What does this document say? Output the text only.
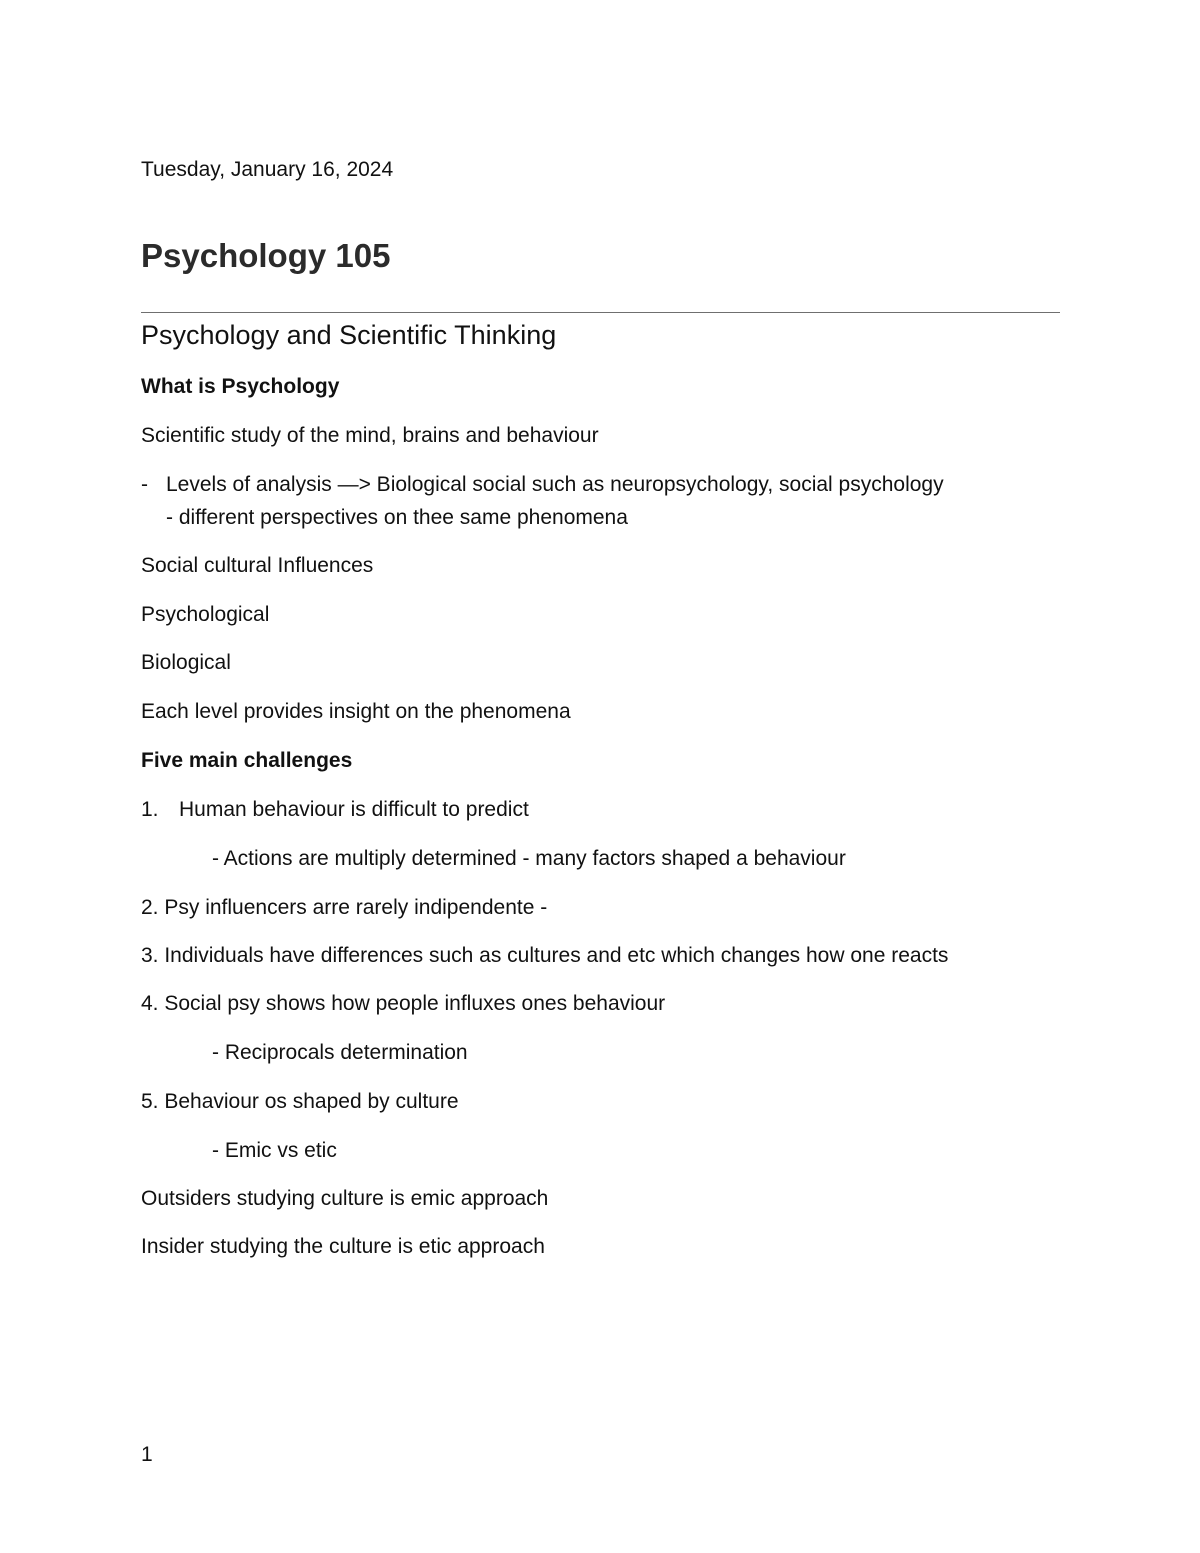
Tuesday, January 16, 2024
Psychology 105
Psychology and Scientific Thinking
What is Psychology
Scientific study of the mind, brains and behaviour
- Levels of analysis —> Biological social such as neuropsychology, social psychology
- different perspectives on thee same phenomena
Social cultural Influences
Psychological
Biological
Each level provides insight on the phenomena
Five main challenges
1. Human behaviour is difficult to predict
- Actions are multiply determined - many factors shaped a behaviour
2. Psy influencers arre rarely indipendente -
3. Individuals have differences such as cultures and etc which changes how one reacts
4. Social psy shows how people influxes ones behaviour
- Reciprocals determination
5. Behaviour os shaped by culture
- Emic vs etic
Outsiders studying culture is emic approach
Insider studying the culture is etic approach
1
